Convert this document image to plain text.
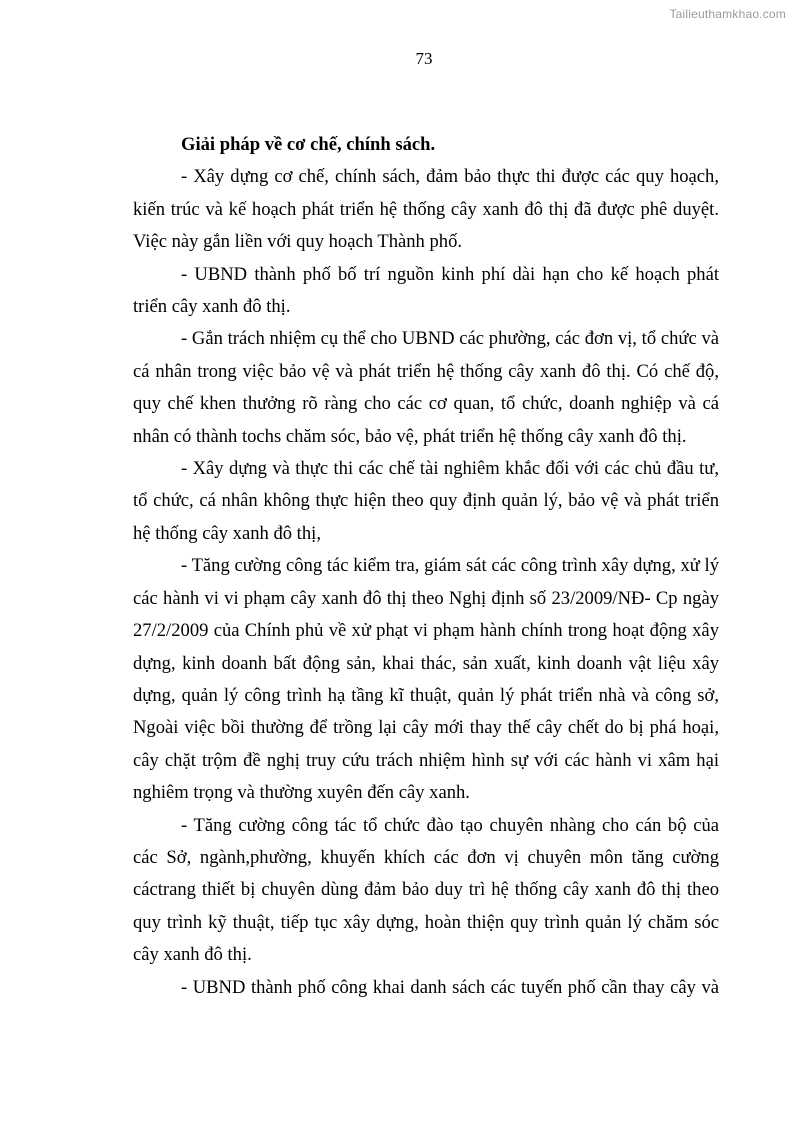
Tailieuthamkhao.com
73

Giải pháp về cơ chế, chính sách.

- Xây dựng cơ chế, chính sách, đảm bảo thực thi được các quy hoạch, kiến trúc và kế hoạch phát triển hệ thống cây xanh đô thị đã được phê duyệt. Việc này gắn liền với quy hoạch Thành phố.

- UBND thành phố bố trí nguồn kinh phí dài hạn cho kế hoạch phát triển cây xanh đô thị.

- Gắn trách nhiệm cụ thể cho UBND các phường, các đơn vị, tổ chức và cá nhân trong việc bảo vệ và phát triển hệ thống cây xanh đô thị. Có chế độ, quy chế khen thưởng rõ ràng cho các cơ quan, tổ chức, doanh nghiệp và cá nhân có thành tochs chăm sóc, bảo vệ, phát triển hệ thống cây xanh đô thị.

- Xây dựng và thực thi các chế tài nghiêm khắc đối với các chủ đầu tư, tổ chức, cá nhân không thực hiện theo quy định quản lý, bảo vệ và phát triển hệ thống cây xanh đô thị,

- Tăng cường công tác kiểm tra, giám sát các công trình xây dựng, xử lý các hành vi vi phạm cây xanh đô thị theo Nghị định số 23/2009/NĐ- Cp ngày 27/2/2009 của Chính phủ về xử phạt vi phạm hành chính trong hoạt động xây dựng, kinh doanh bất động sản, khai thác, sản xuất, kinh doanh vật liệu xây dựng, quản lý công trình hạ tầng kĩ thuật, quản lý phát triển nhà và công sở, Ngoài việc bồi thường để trồng lại cây mới thay thế cây chết do bị phá hoại, cây chặt trộm đề nghị truy cứu trách nhiệm hình sự với các hành vi xâm hại nghiêm trọng và thường xuyên đến cây xanh.

- Tăng cường công tác tổ chức đào tạo chuyên nhàng cho cán bộ của các Sở, ngành,phường, khuyến khích các đơn vị chuyên môn tăng cường cáctrang thiết bị chuyên dùng đảm bảo duy trì hệ thống cây xanh đô thị theo quy trình kỹ thuật, tiếp tục xây dựng, hoàn thiện quy trình quản lý chăm sóc cây xanh đô thị.

- UBND thành phố công khai danh sách các tuyến phố cần thay cây và
